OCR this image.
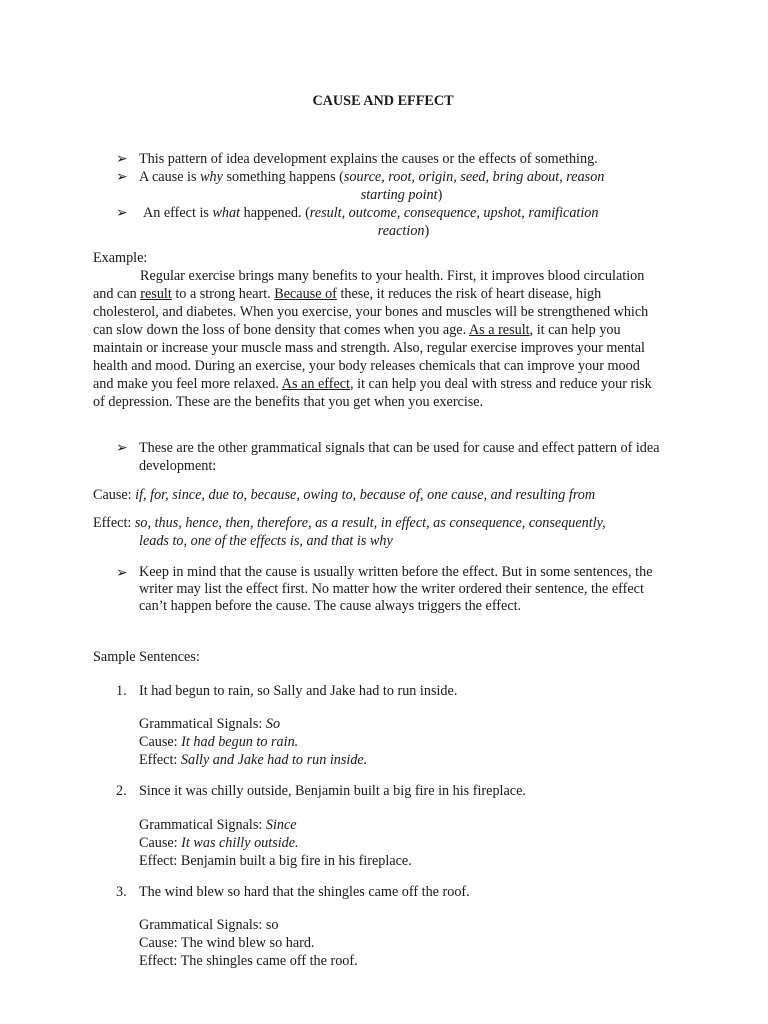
CAUSE AND EFFECT
➢ This pattern of idea development explains the causes or the effects of something.
➢ A cause is why something happens (source, root, origin, seed, bring about, reason
starting point)
➢ An effect is what happened. (result, outcome, consequence, upshot, ramification
reaction)
Example:
Regular exercise brings many benefits to your health. First, it improves blood circulation and can result to a strong heart. Because of these, it reduces the risk of heart disease, high cholesterol, and diabetes. When you exercise, your bones and muscles will be strengthened which can slow down the loss of bone density that comes when you age. As a result, it can help you maintain or increase your muscle mass and strength. Also, regular exercise improves your mental health and mood. During an exercise, your body releases chemicals that can improve your mood and make you feel more relaxed. As an effect, it can help you deal with stress and reduce your risk of depression. These are the benefits that you get when you exercise.
➢ These are the other grammatical signals that can be used for cause and effect pattern of idea development:
Cause: if, for, since, due to, because, owing to, because of, one cause, and resulting from
Effect: so, thus, hence, then, therefore, as a result, in effect, as consequence, consequently,
leads to, one of the effects is, and that is why
➢ Keep in mind that the cause is usually written before the effect. But in some sentences, the writer may list the effect first. No matter how the writer ordered their sentence, the effect can’t happen before the cause. The cause always triggers the effect.
Sample Sentences:
1. It had begun to rain, so Sally and Jake had to run inside.
Grammatical Signals: So
Cause: It had begun to rain.
Effect: Sally and Jake had to run inside.
2. Since it was chilly outside, Benjamin built a big fire in his fireplace.
Grammatical Signals: Since
Cause: It was chilly outside.
Effect: Benjamin built a big fire in his fireplace.
3. The wind blew so hard that the shingles came off the roof.
Grammatical Signals: so
Cause: The wind blew so hard.
Effect: The shingles came off the roof.
